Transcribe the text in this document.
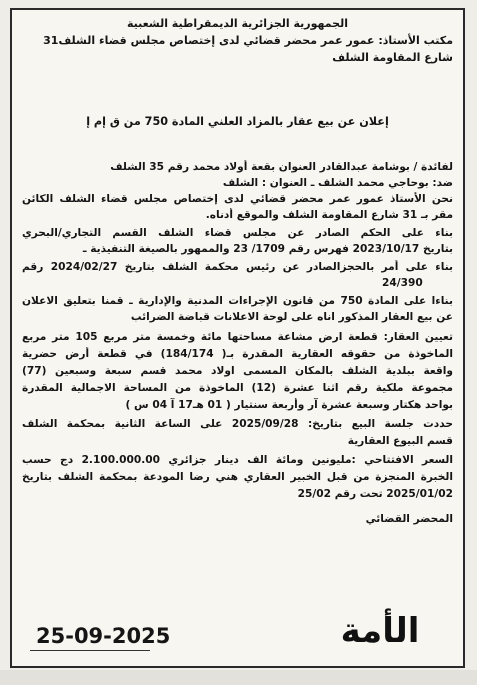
الجمهورية الجزائرية الديمقراطية الشعبية
مكتب الأستاذ: عمور عمر محضر قضائي لدى إختصاص مجلس قضاء الشلف31
شارع المقاومة الشلف
إعلان عن بيع عقار بالمزاد العلني المادة 750 من ق إم إ
لفائدة / بوشامة عبدالقادر العنوان بقعة أولاد محمد رقم 35 الشلف
ضد: بوحاجي محمد الشلف ـ العنوان : الشلف
نحن الأستاذ عمور عمر محضر قضائي لدى إختصاص مجلس قضاء الشلف الكائن
مقر بـ 31 شارع المقاومة الشلف والموقع أدناه.
بناء على الحكم الصادر عن مجلس قضاء الشلف القسم التجاري/البحري
بتاريخ 2023/10/17 فهرس رقم 1709/ 23 والممهور بالصيغة التنفيذية ـ
بناء على أمر بالحجزالصادر عن رئيس محكمة الشلف بتاريخ 2024/02/27 رقم
24/390
بناءا على المادة 750 من قانون الإجراءات المدنية والإدارية ـ قمنا بتعليق الاعلان
عن بيع العقار المذكور اناه على لوحة الاعلانات قباضة الضرائب
تعيين العقار: قطعة ارض مشاعة مساحتها مائة وخمسة متر مربع 105 متر مربع
الماخوذة من حقوقه العقارية المقدرة بـ( 184/174) في قطعة أرض حضرية
واقعة ببلدية الشلف بالمكان المسمى اولاد محمد قسم سبعة وسبعين (77)
مجموعة ملكية رقم اثنا عشرة (12) الماخوذة من المساحة الاجمالية المقدرة
بواحد هكتار وسبعة عشرة آر وأربعة سنتيار ( 01 هـ17 آ 04 س )
حددت جلسة البيع بتاريخ: 2025/09/28 على الساعة الثانية بمحكمة الشلف
قسم البيوع العقارية
السعر الافتتاحي :مليونين ومائة الف دينار جزائري 2.100.000.00 دج حسب
الخبرة المنجزة من قبل الخبير العقاري هني رضا المودعة بمحكمة الشلف بتاريخ
2025/01/02 تحت رقم 25/02
المحضر القضائي
الأمة
25-09-2025
